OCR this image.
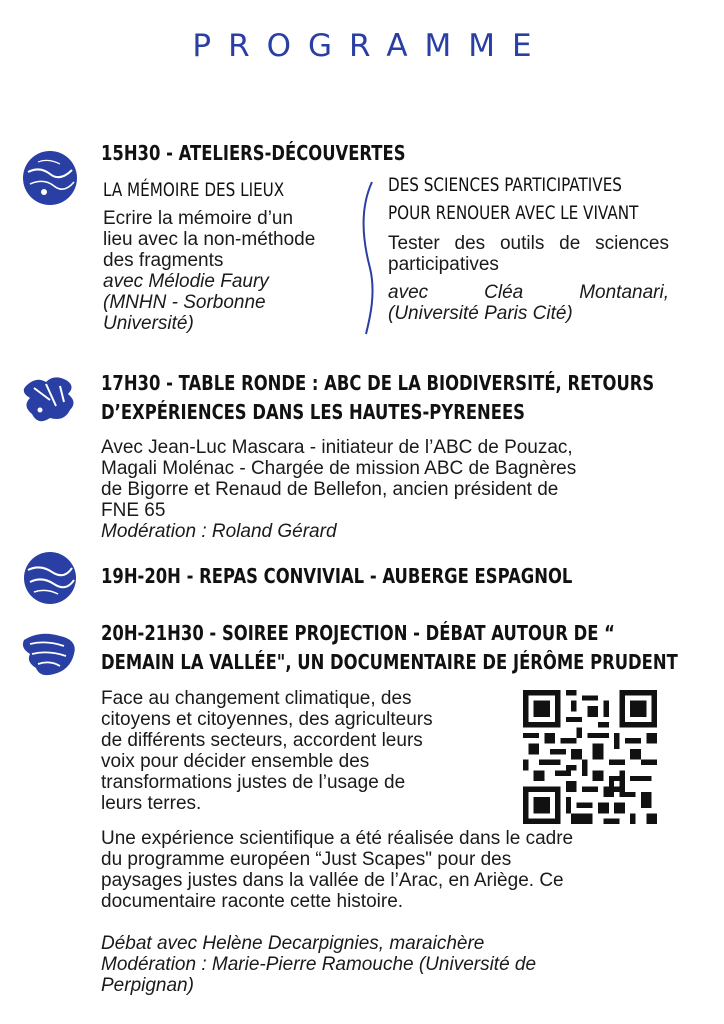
PROGRAMME
15H30 - ATELIERS-DÉCOUVERTES
LA MÉMOIRE DES LIEUX

Ecrire la mémoire d’un

lieu avec la non-méthode

des fragments

avec Mélodie Faury

(MNHN - Sorbonne

Université)

DES SCIENCES PARTICIPATIVES
POUR RENOUER AVEC LE VIVANT
Tester des outils de sciences participatives
avec Cléa Montanari,
(Université Paris Cité)
17H30 - TABLE RONDE : ABC DE LA BIODIVERSITÉ, RETOURS
D’EXPÉRIENCES DANS LES HAUTES-PYRENEES

Avec Jean-Luc Mascara - initiateur de l’ABC de Pouzac,

Magali Molénac - Chargée de mission ABC de Bagnères

de Bigorre et Renaud de Bellefon, ancien président de

FNE 65

Modération : Roland Gérard

19H-20H - REPAS CONVIVIAL - AUBERGE ESPAGNOL
20H-21H30 - SOIREE PROJECTION - DÉBAT AUTOUR DE “
DEMAIN LA VALLÉE", UN DOCUMENTAIRE DE JÉRÔME PRUDENT

Face au changement climatique, des

citoyens et citoyennes, des agriculteurs

de différents secteurs, accordent leurs

voix pour décider ensemble des

transformations justes de l’usage de

leurs terres.

Une expérience scientifique a été réalisée dans le cadre

du programme européen “Just Scapes" pour des

paysages justes dans la vallée de l’Arac, en Ariège. Ce

documentaire raconte cette histoire.

Débat avec Helène Decarpignies, maraichère

Modération : Marie-Pierre Ramouche (Université de

Perpignan)
